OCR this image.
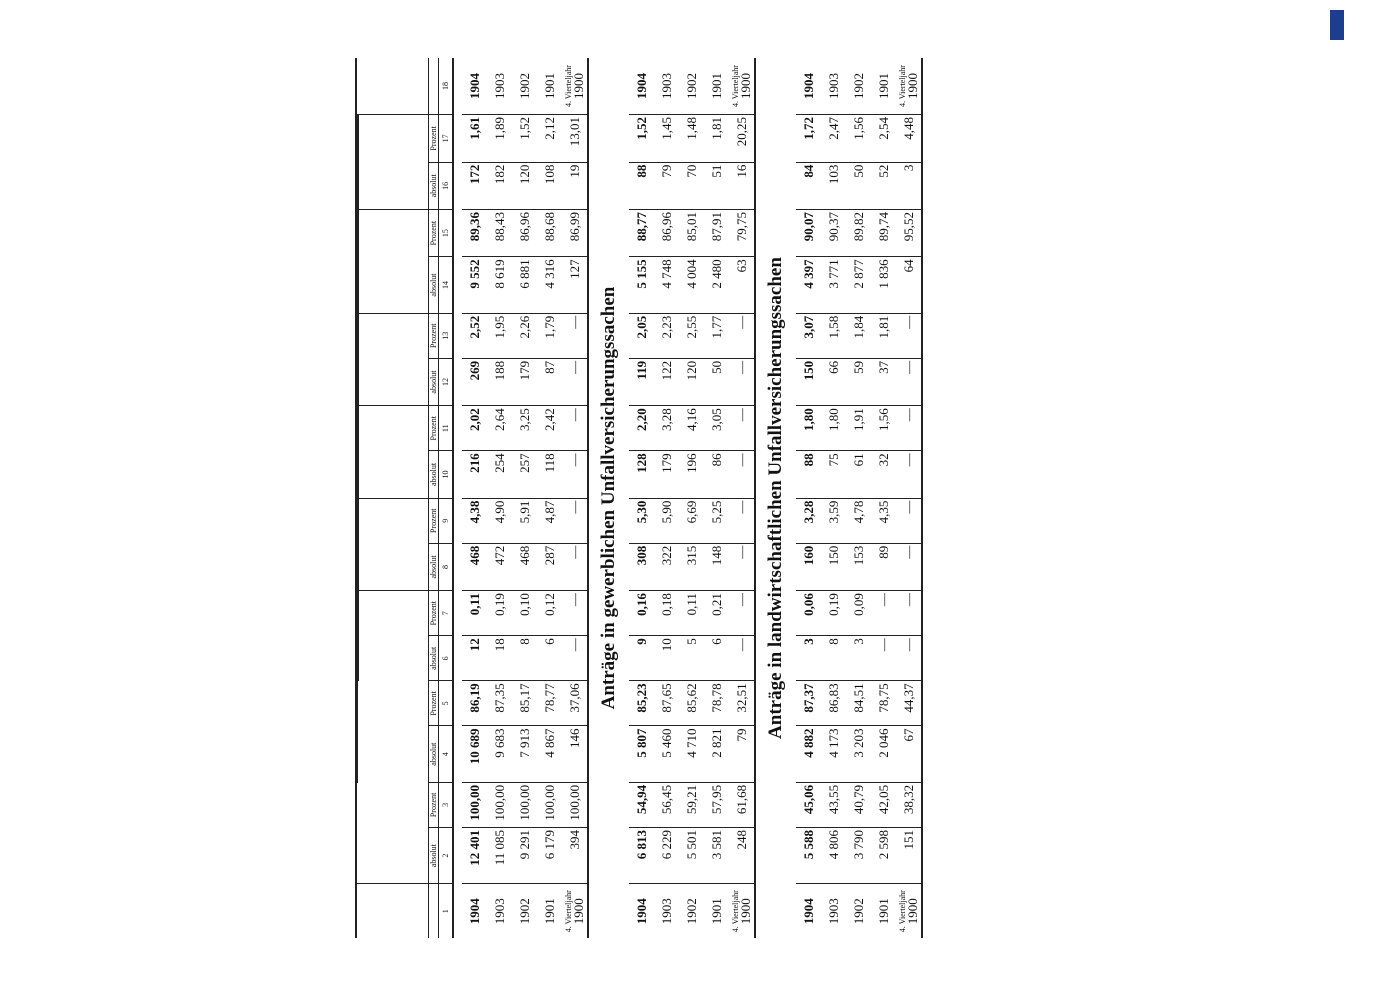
	absolut	Prozent	absolut	Prozent	absolut	Prozent	absolut	Prozent	absolut	Prozent	absolut	Prozent	absolut	Prozent	absolut	Prozent	
1	2	3	4	5	6	7	8	9	10	11	12	13	14	15	16	17	18

1904	12 401	100,00	10 689	86,19	12	0,11	468	4,38	216	2,02	269	2,52	9 552	89,36	172	1,61	1904
1903	11 085	100,00	9 683	87,35	18	0,19	472	4,90	254	2,64	188	1,95	8 619	88,43	182	1,89	1903
1902	9 291	100,00	7 913	85,17	8	0,10	468	5,91	257	3,25	179	2,26	6 881	86,96	120	1,52	1902
1901	6 179	100,00	4 867	78,77	6	0,12	287	4,87	118	2,42	87	1,79	4 316	88,68	108	2,12	1901

4. Vierteljahr
1900	394	100,00	146	37,06	—	—	—	—	—	—	—	—	127	86,99	19	13,01	4. Vierteljahr
1900

Anträge in gewerblichen Unfallversicherungssachen																	
1904	6 813	54,94	5 807	85,23	9	0,16	308	5,30	128	2,20	119	2,05	5 155	88,77	88	1,52	1904
1903	6 229	56,45	5 460	87,65	10	0,18	322	5,90	179	3,28	122	2,23	4 748	86,96	79	1,45	1903
1902	5 501	59,21	4 710	85,62	5	0,11	315	6,69	196	4,16	120	2,55	4 004	85,01	70	1,48	1902
1901	3 581	57,95	2 821	78,78	6	0,21	148	5,25	86	3,05	50	1,77	2 480	87,91	51	1,81	1901

4. Vierteljahr
1900	248	61,68	79	32,51	—	—	—	—	—	—	—	—	63	79,75	16	20,25	4. Vierteljahr
1900

Anträge in landwirtschaftlichen Unfallversicherungssachen																	
1904	5 588	45,06	4 882	87,37	3	0,06	160	3,28	88	1,80	150	3,07	4 397	90,07	84	1,72	1904
1903	4 806	43,55	4 173	86,83	8	0,19	150	3,59	75	1,80	66	1,58	3 771	90,37	103	2,47	1903
1902	3 790	40,79	3 203	84,51	3	0,09	153	4,78	61	1,91	59	1,84	2 877	89,82	50	1,56	1902
1901	2 598	42,05	2 046	78,75	—	—	89	4,35	32	1,56	37	1,81	1 836	89,74	52	2,54	1901

4. Vierteljahr
1900	151	38,32	67	44,37	—	—	—	—	—	—	—	—	64	95,52	3	4,48	4. Vierteljahr
1900
